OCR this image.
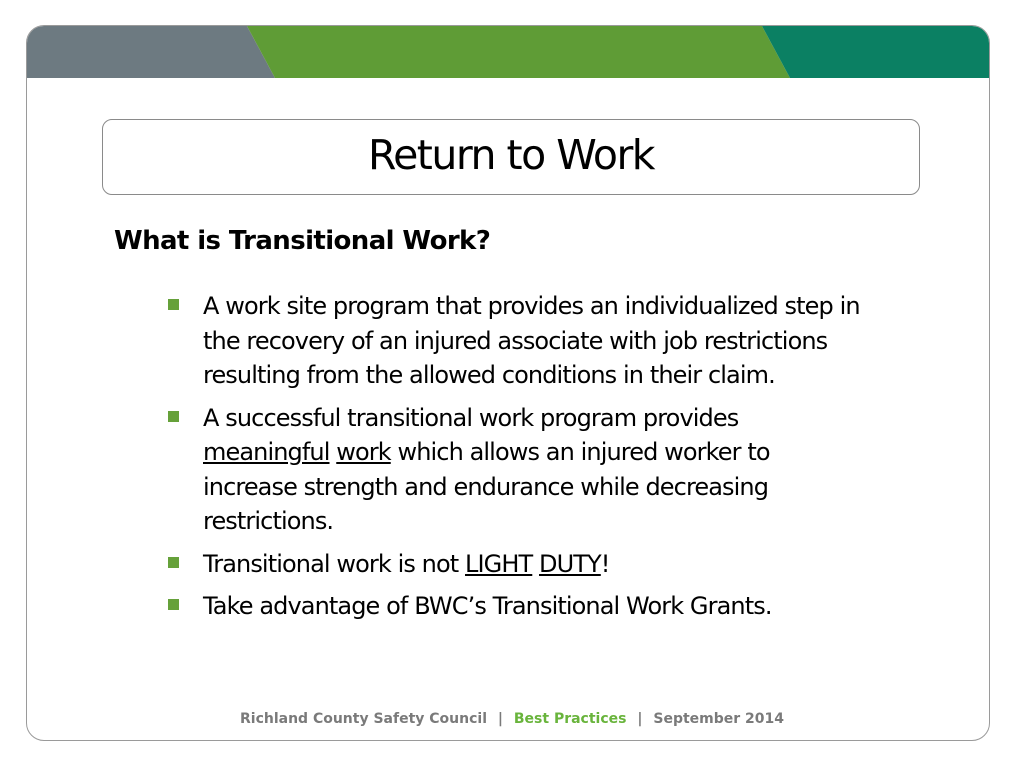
Return to Work
What is Transitional Work?
A work site program that provides an individualized step in the recovery of an injured associate with job restrictions resulting from the allowed conditions in their claim.
A successful transitional work program provides meaningful work which allows an injured worker to increase strength and endurance while decreasing restrictions.
Transitional work is not LIGHT DUTY!
Take advantage of BWC’s Transitional Work Grants.
Richland County Safety Council | Best Practices | September 2014
